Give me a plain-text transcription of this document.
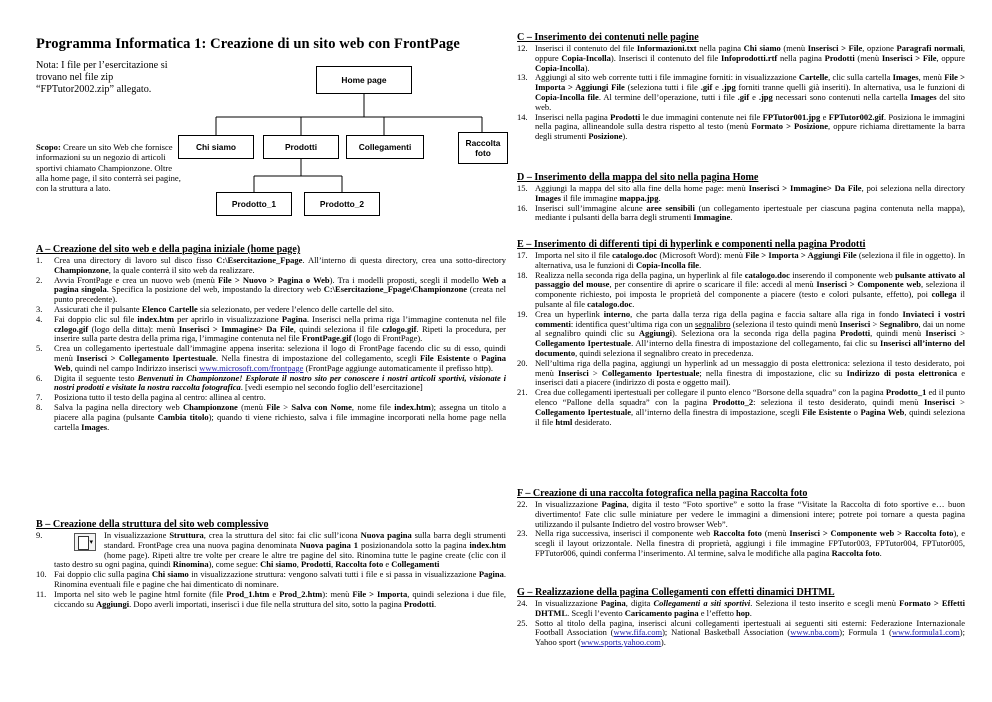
Programma Informatica 1: Creazione di un sito web con FrontPage
Nota: I file per l’esercitazione si trovano nel file zip “FPTutor2002.zip” allegato.
Scopo: Creare un sito Web che fornisce informazioni su un negozio di articoli sportivi chiamato Championzone. Oltre alla home page, il sito conterrà sei pagine, con la struttura a lato.
Home page
Chi siamo	Prodotti	Collegamenti	Raccolta foto
Prodotto_1	Prodotto_2
A – Creazione del sito web e della pagina iniziale (home page)
1. Crea una directory di lavoro sul disco fisso C:\Esercitazione_Fpage. All’interno di questa directory, crea una sotto-directory Championzone, la quale conterrà il sito web da realizzare.
2. Avvia FrontPage e crea un nuovo web (menù File > Nuovo > Pagina o Web). Tra i modelli proposti, scegli il modello Web a pagina singola. Specifica la posizione del web, impostando la directory web C:\Esercitazione_Fpage\Championzone (creata nel punto precedente).
3. Assicurati che il pulsante Elenco Cartelle sia selezionato, per vedere l’elenco delle cartelle del sito.
4. Fai doppio clic sul file index.htm per aprirlo in visualizzazione Pagina. Inserisci nella prima riga l’immagine contenuta nel file czlogo.gif (logo della ditta): menù Inserisci > Immagine> Da File, quindi seleziona il file czlogo.gif. Ripeti la procedura, per inserire sulla parte destra della prima riga, l’immagine contenuta nel file FrontPage.gif (logo di FrontPage).
5. Crea un collegamento ipertestuale dall’immagine appena inserita: seleziona il logo di FrontPage facendo clic su di esso, quindi menù Inserisci > Collegamento Ipertestuale. Nella finestra di impostazione del collegamento, scegli File Esistente o Pagina Web, quindi nel campo Indirizzo inserisci www.microsoft.com/frontpage (FrontPage aggiunge automaticamente il prefisso http).
6. Digita il seguente testo Benvenuti in Championzone! Esplorate il nostro sito per conoscere i nostri articoli sportivi, visionate i nostri prodotti e visitate la nostra raccolta fotografica. [vedi esempio nel secondo foglio dell’esercitazione]
7. Posiziona tutto il testo della pagina al centro: allinea al centro.
8. Salva la pagina nella directory web Championzone (menù File > Salva con Nome, nome file index.htm); assegna un titolo a piacere alla pagina (pulsante Cambia titolo); quando ti viene richiesto, salva i file immagine incorporati nella home page nella cartella Images.
B – Creazione della struttura del sito web complessivo
9.
▾
In visualizzazione Struttura, crea la struttura del sito: fai clic sull’icona Nuova pagina sulla barra degli strumenti standard. FrontPage crea una nuova pagina denominata Nuova pagina 1 posizionandola sotto la pagina index.htm (home page). Ripeti altre tre volte per creare le altre tre pagine del sito. Rinomina tutte le pagine create (clic con il tasto destro su ogni pagina, quindi Rinomina), come segue: Chi siamo, Prodotti, Raccolta foto e Collegamenti
10. Fai doppio clic sulla pagina Chi siamo in visualizzazione struttura: vengono salvati tutti i file e si passa in visualizzazione Pagina. Rinomina eventuali file e pagine che hai dimenticato di nominare.
11. Importa nel sito web le pagine html fornite (file Prod_1.htm e Prod_2.htm): menù File > Importa, quindi seleziona i due file, ciccando su Aggiungi. Dopo averli importati, inseriscì i due file nella struttura del sito, sotto la pagina Prodotti.
C – Inserimento dei contenuti nelle pagine
12. Inserisci il contenuto del file Informazioni.txt nella pagina Chi siamo (menù Inserisci > File, opzione Paragrafi normali, oppure Copia-Incolla). Inserisci il contenuto del file Infoprodotti.rtf nella pagina Prodotti (menù Inserisci > File, oppure Copia-Incolla).
13. Aggiungi al sito web corrente tutti i file immagine forniti: in visualizzazione Cartelle, clic sulla cartella Images, menù File > Importa > Aggiungi File (seleziona tutti i file .gif e .jpg forniti tranne quelli già inseriti). In alternativa, usa le funzioni di Copia-Incolla file. Al termine dell’operazione, tutti i file .gif e .jpg necessari sono contenuti nella cartella Images del sito web.
14. Inserisci nella pagina Prodotti le due immagini contenute nei file FPTutor001.jpg e FPTutor002.gif. Posiziona le immagini nella pagina, allineandole sulla destra rispetto al testo (menù Formato > Posizione, oppure richiama direttamente la barra degli strumenti Posizione).
D – Inserimento della mappa del sito nella pagina Home
15. Aggiungi la mappa del sito alla fine della home page: menù Inserisci > Immagine> Da File, poi seleziona nella directory Images il file immagine mappa.jpg.
16. Inserisci sull’immagine alcune aree sensibili (un collegamento ipertestuale per ciascuna pagina contenuta nella mappa), mediante i pulsanti della barra degli strumenti Immagine.
E – Inserimento di differenti tipi di hyperlink e componenti nella pagina Prodotti
17. Importa nel sito il file catalogo.doc (Microsoft Word): menù File > Importa > Aggiungi File (seleziona il file in oggetto). In alternativa, usa le funzioni di Copia-Incolla file.
18. Realizza nella seconda riga della pagina, un hyperlink al file catalogo.doc inserendo il componente web pulsante attivato al passaggio del mouse, per consentire di aprire o scaricare il file: accedi al menù Inserisci > Componente web, seleziona il componente richiesto, poi imposta le proprietà del componente a piacere (testo e colori pulsante, effetto), poi collega il pulsante al file catalogo.doc.
19. Crea un hyperlink interno, che parta dalla terza riga della pagina e faccia saltare alla riga in fondo Inviateci i vostri commenti: identifica quest’ultima riga con un segnalibro (seleziona il testo quindi menù Inserisci > Segnalibro, dai un nome al segnalibro quindi clic su Aggiungi). Seleziona ora la seconda riga della pagina Prodotti, quindi menù Inserisci > Collegamento Ipertestuale. All’interno della finestra di impostazione del collegamento, fai clic su Inserisci all’interno del documento, quindi seleziona il segnalibro creato in precedenza.
20. Nell’ultima riga della pagina, aggiungi un hyperlink ad un messaggio di posta elettronica: seleziona il testo desiderato, poi menù Inserisci > Collegamento Ipertestuale; nella finestra di impostazione, clic su Indirizzo di posta elettronica e inserisci dati a piacere (indirizzo di posta e oggetto mail).
21. Crea due collegamenti ipertestuali per collegare il punto elenco “Borsone della squadra” con la pagina Prodotto_1 ed il punto elenco “Pallone della squadra” con la pagina Prodotto_2: seleziona il testo desiderato, quindi menù Inserisci > Collegamento Ipertestuale, all’interno della finestra di impostazione, scegli File Esistente o Pagina Web, quindi seleziona il file html desiderato.
F – Creazione di una raccolta fotografica nella pagina Raccolta foto
22. In visualizzazione Pagina, digita il testo “Foto sportive” e sotto la frase “Visitate la Raccolta di foto sportive e… buon divertimento! Fate clic sulle miniature per vedere le immagini a dimensioni intere; potrete poi tornare a questa pagina utilizzando il pulsante Indietro del vostro browser Web”.
23. Nella riga successiva, inserisci il componente web Raccolta foto (menù Inserisci > Componente web > Raccolta foto), e scegli il layout orizzontale. Nella finestra di proprietà, aggiungi i file immagine FPTutor003, FPTutor004, FPTutor005, FPTutor006, quindi conferma l’inserimento. Al termine, salva le modifiche alla pagina Raccolta foto.
G – Realizzazione della pagina Collegamenti con effetti dinamici DHTML
24. In visualizzazione Pagina, digita Collegamenti a siti sportivi. Seleziona il testo inserito e scegli menù Formato > Effetti DHTML. Scegli l’evento Caricamento pagina e l’effetto hop.
25. Sotto al titolo della pagina, inserisci alcuni collegamenti ipertestuali ai seguenti siti esterni: Federazione Internazionale Football Association (www.fifa.com); National Basketball Association (www.nba.com); Formula 1 (www.formula1.com); Yahoo sport (www.sports.yahoo.com).
